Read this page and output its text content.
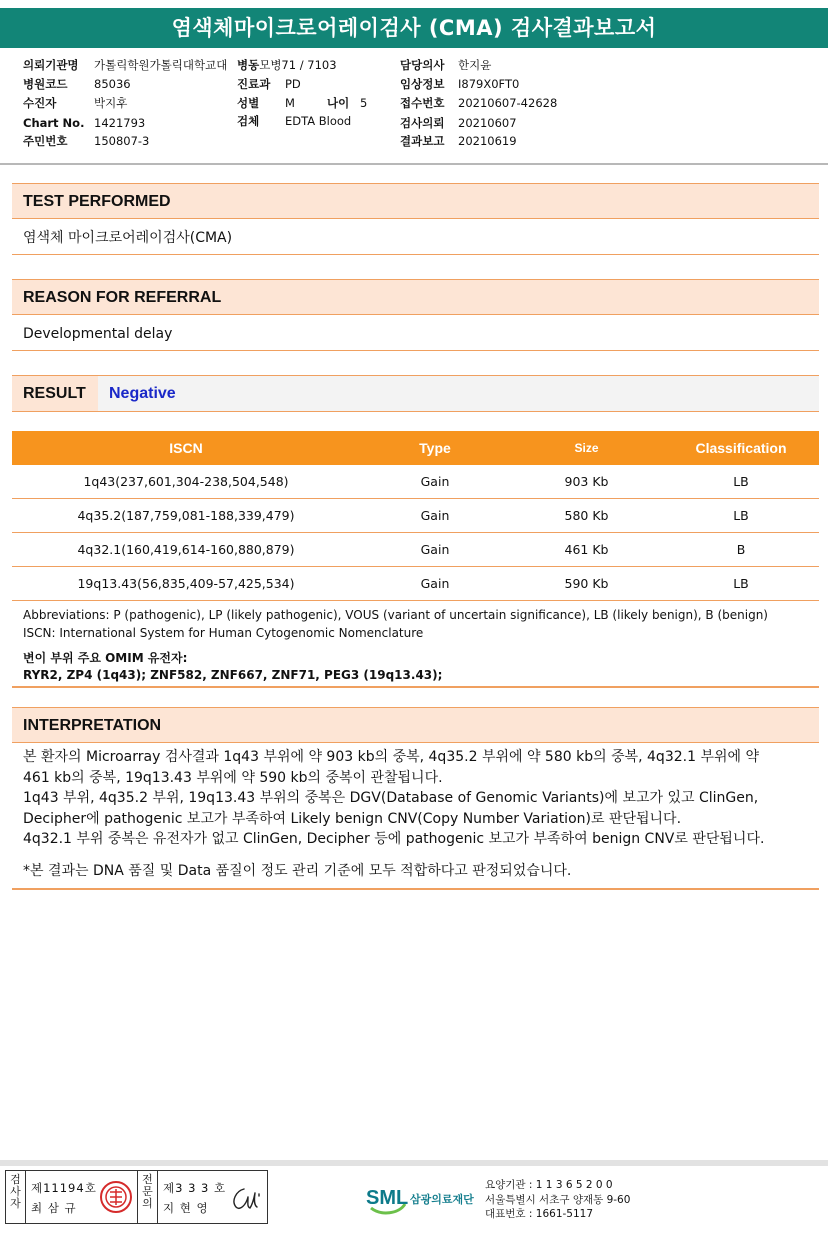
염색체마이크로어레이검사 (CMA) 검사결과보고서
의뢰기관명 가톨릭학원가톨릭대학교대 병동모병71 / 7103	담당의사 한지윤
병원코드 85036	진료과 PD	임상정보 I879X0FT0
수진자	박지후	성별 M	나이 5	접수번호 20210607-42628
Chart No. 1421793	검체 EDTA Blood	검사의뢰 20210607
주민번호 150807-3	결과보고 20210619
TEST PERFORMED
염색체 마이크로어레이검사(CMA)
REASON FOR REFERRAL
Developmental delay
RESULT	Negative
ISCN	Type	Size	Classification
1q43(237,601,304-238,504,548)	Gain	903 Kb	LB
4q35.2(187,759,081-188,339,479)	Gain	580 Kb	LB
4q32.1(160,419,614-160,880,879)	Gain	461 Kb	B
19q13.43(56,835,409-57,425,534)	Gain	590 Kb	LB
Abbreviations: P (pathogenic), LP (likely pathogenic), VOUS (variant of uncertain significance), LB (likely benign), B (benign)
ISCN: International System for Human Cytogenomic Nomenclature
변이 부위 주요 OMIM 유전자:
RYR2, ZP4 (1q43); ZNF582, ZNF667, ZNF71, PEG3 (19q13.43);
INTERPRETATION

본 환자의 Microarray 검사결과 1q43 부위에 약 903 kb의 중복, 4q35.2 부위에 약 580 kb의 중복, 4q32.1 부위에 약

461 kb의 중복, 19q13.43 부위에 약 590 kb의 중복이 관찰됩니다.

1q43 부위, 4q35.2 부위, 19q13.43 부위의 중복은 DGV(Database of Genomic Variants)에 보고가 있고 ClinGen,

Decipher에 pathogenic 보고가 부족하여 Likely benign CNV(Copy Number Variation)로 판단됩니다.

4q32.1 부위 중복은 유전자가 없고 ClinGen, Decipher 등에 pathogenic 보고가 부족하여 benign CNV로 판단됩니다.

*본 결과는 DNA 품질 및 Data 품질이 정도 관리 기준에 모두 적합하다고 판정되었습니다.

검
사
자
제11194호
최 삼 규
전
문
의
제3 3 3 호
지 현 영	SML 삼광의료재단
요양기관 : 1 1 3 6 5 2 0 0
서울특별시 서초구 양재동 9-60
대표번호 : 1661-5117
